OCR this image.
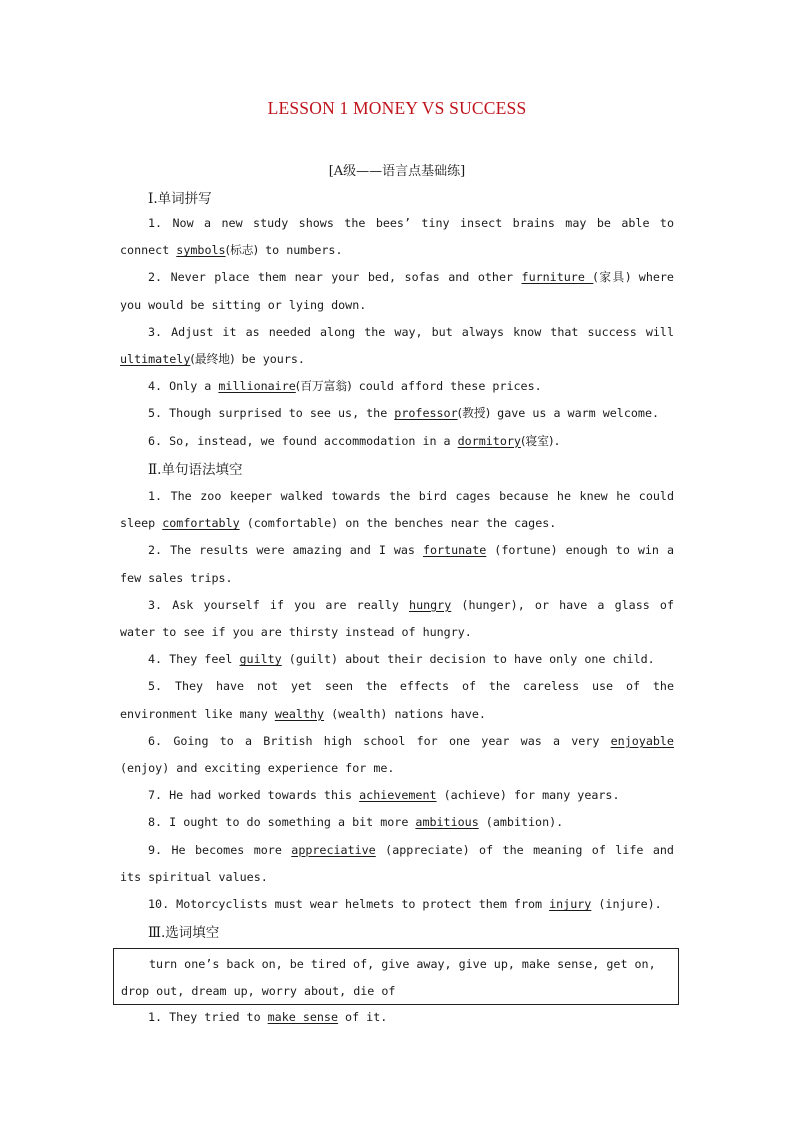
LESSON 1 MONEY VS SUCCESS
[A级——语言点基础练]
Ⅰ.单词拼写

1. Now a new study shows the bees’ tiny insect brains may be able to connect symbols(标志) to numbers.

2. Never place them near your bed, sofas and other furniture (家具) where you would be sitting or lying down.

3. Adjust it as needed along the way, but always know that success will ultimately(最终地) be yours.

4. Only a millionaire(百万富翁) could afford these prices.

5. Though surprised to see us, the professor(教授) gave us a warm welcome.

6. So, instead, we found accommodation in a dormitory(寝室).

Ⅱ.单句语法填空

1. The zoo keeper walked towards the bird cages because he knew he could sleep comfortably (comfortable) on the benches near the cages.

2. The results were amazing and I was fortunate (fortune) enough to win a few sales trips.

3. Ask yourself if you are really hungry (hunger), or have a glass of water to see if you are thirsty instead of hungry.

4. They feel guilty (guilt) about their decision to have only one child.

5. They have not yet seen the effects of the careless use of the environment like many wealthy (wealth) nations have.

6. Going to a British high school for one year was a very enjoyable (enjoy) and exciting experience for me.

7. He had worked towards this achievement (achieve) for many years.

8. I ought to do something a bit more ambitious (ambition).

9. He becomes more appreciative (appreciate) of the meaning of life and its spiritual values.

10. Motorcyclists must wear helmets to protect them from injury (injure).

Ⅲ.选词填空
turn one’s back on, be tired of, give away, give up, make sense, get on, drop out, dream up, worry about, die of

1. They tried to make sense of it.
